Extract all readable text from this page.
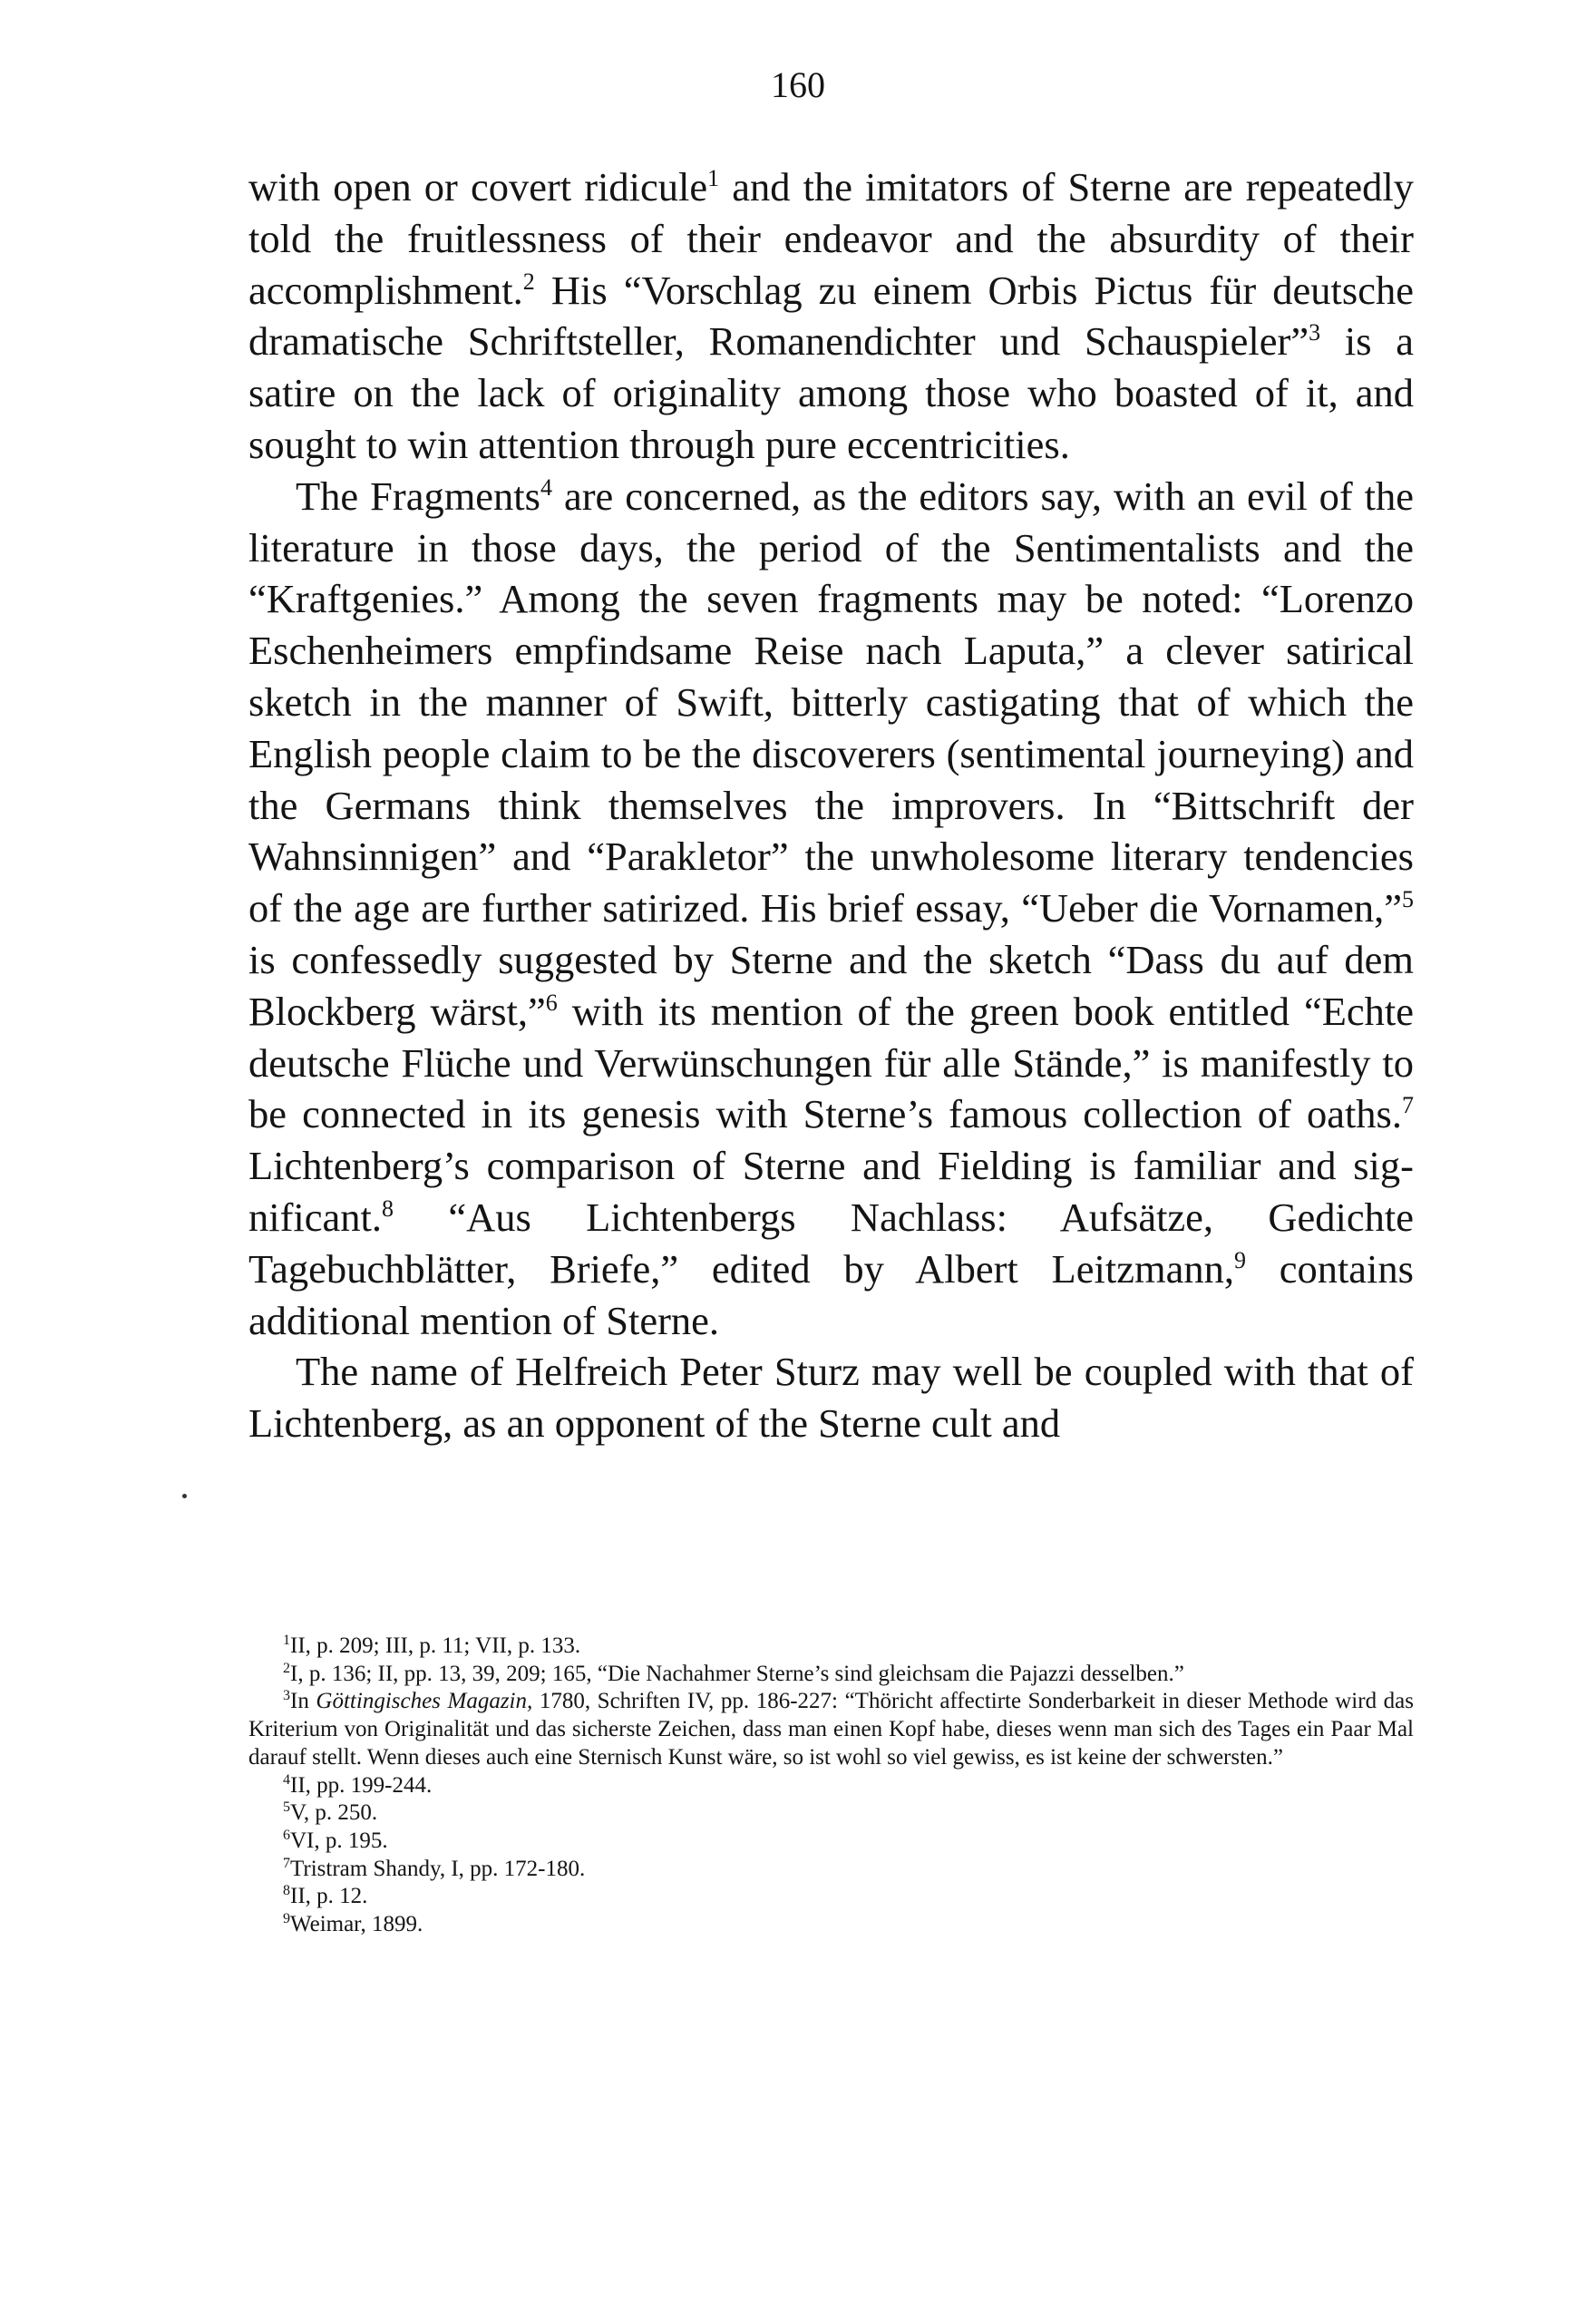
160

with open or covert ridicule$^1$ and the imitators of Sterne are repeatedly told the fruitlessness of their endeavor and the absurdity of their accomplishment.$^2$ His “Vorschlag zu einem Orbis Pictus für deutsche dramatische Schriftsteller, Romanendichter und Schauspieler”$^3$ is a satire on the lack of originality among those who boasted of it, and sought to win attention through pure eccentricities.

The Fragments$^4$ are concerned, as the editors say, with an evil of the literature in those days, the period of the Sentimentalists and the “Kraftgenies.” Among the seven fragments may be noted: “Lorenzo Eschenheimers empfindsame Reise nach Laputa,” a clever satirical sketch in the manner of Swift, bitterly castigating that of which the English people claim to be the discoverers (sentimental journeying) and the Germans think themselves the improvers. In “Bittschrift der Wahnsinnigen” and “Parakletor” the unwholesome literary tendencies of the age are further satirized. His brief essay, “Ueber die Vornamen,”$^5$ is confessedly suggested by Sterne and the sketch “Dass du auf dem Blockberg wärst,”$^6$ with its mention of the green book entitled “Echte deutsche Flüche und Verwünschungen für alle Stände,” is manifestly to be connected in its genesis with Sterne’s famous collection of oaths.$^7$ Lichtenberg’s comparison of Sterne and Fielding is familiar and significant.$^8$ “Aus Lichtenbergs Nachlass: Aufsätze, Gedichte Tagebuchblätter, Briefe,” edited by Albert Leitzmann,$^9$ contains additional mention of Sterne.

The name of Helfreich Peter Sturz may well be coupled with that of Lichtenberg, as an opponent of the Sterne cult and

$^1$II, p. 209; III, p. 11; VII, p. 133.

$^2$I, p. 136; II, pp. 13, 39, 209; 165, “Die Nachahmer Sterne’s sind gleichsam die Pajazzi desselben.”

$^3$In Göttingisches Magazin, 1780, Schriften IV, pp. 186-227: “Thöricht affectirte Sonderbarkeit in dieser Methode wird das Kriterium von Originalität und das sicherste Zeichen, dass man einen Kopf habe, dieses wenn man sich des Tages ein Paar Mal darauf stellt. Wenn dieses auch eine Sternisch Kunst wäre, so ist wohl so viel gewiss, es ist keine der schwersten.”

$^4$II, pp. 199-244.

$^5$V, p. 250.

$^6$VI, p. 195.

$^7$Tristram Shandy, I, pp. 172-180.

$^8$II, p. 12.

$^9$Weimar, 1899.
